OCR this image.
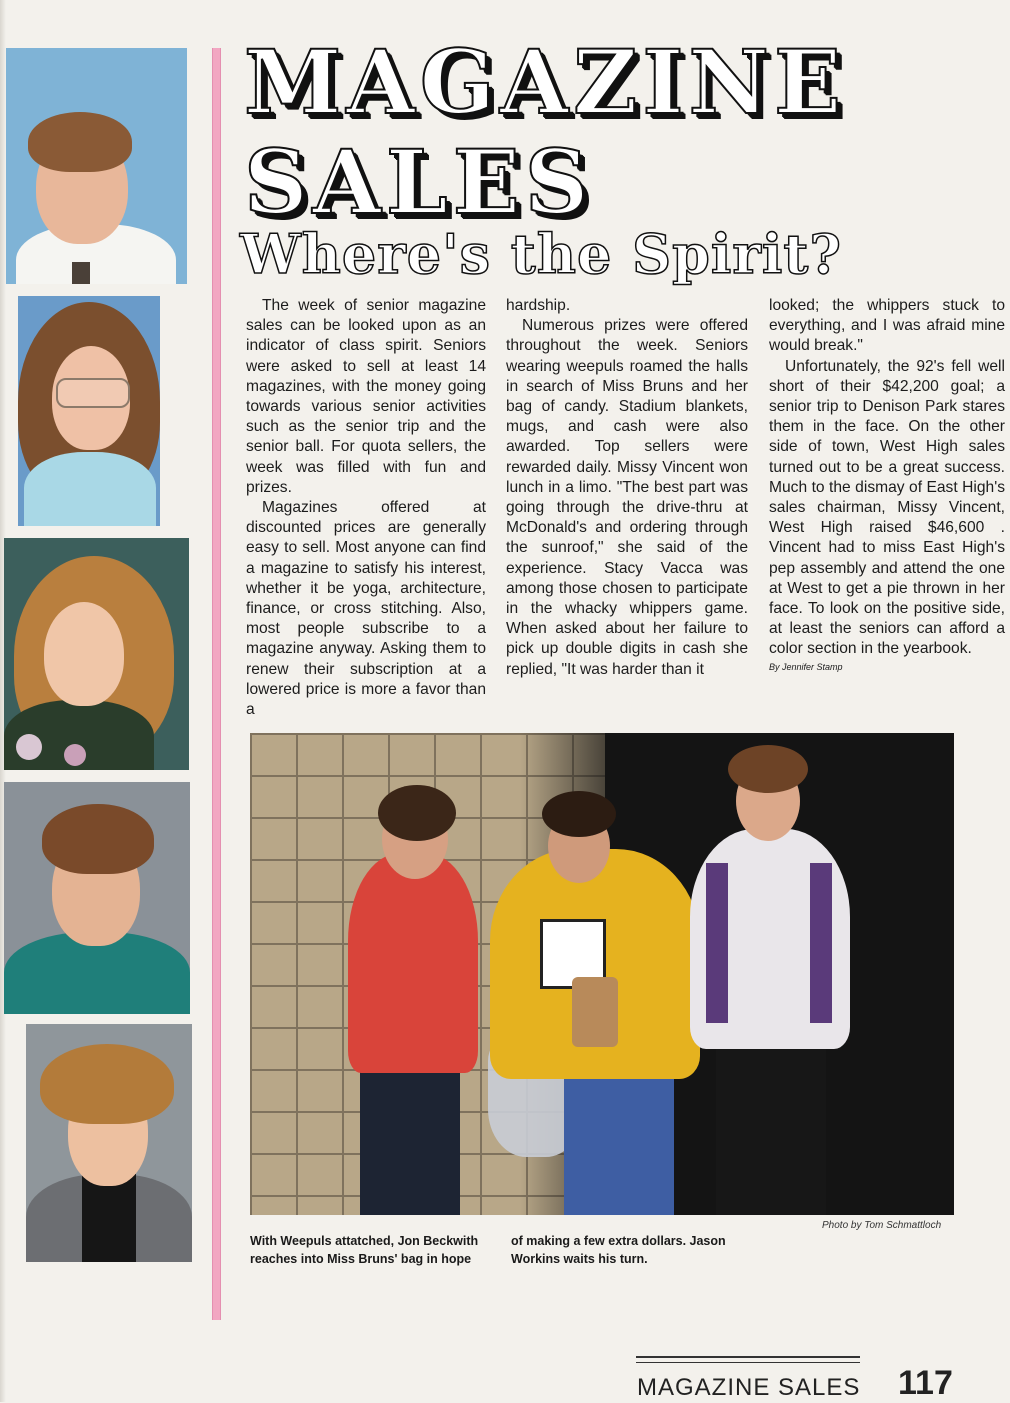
MAGAZINE
SALES
Where's the Spirit?

The week of senior magazine sales can be looked upon as an indicator of class spirit. Seniors were asked to sell at least 14 magazines, with the money going towards various senior activities such as the senior trip and the senior ball. For quota sellers, the week was filled with fun and prizes.

Magazines offered at discounted prices are generally easy to sell. Most anyone can find a magazine to satisfy his interest, whether it be yoga, architecture, finance, or cross stitching. Also, most people subscribe to a magazine anyway. Asking them to renew their subscription at a lowered price is more a favor than a

hardship.

Numerous prizes were offered throughout the week. Seniors wearing weepuls roamed the halls in search of Miss Bruns and her bag of candy. Stadium blankets, mugs, and cash were also awarded. Top sellers were rewarded daily. Missy Vincent won lunch in a limo. "The best part was going through the drive-thru at McDonald's and ordering through the sunroof," she said of the experience. Stacy Vacca was among those chosen to participate in the whacky whippers game. When asked about her failure to pick up double digits in cash she replied, "It was harder than it

looked; the whippers stuck to everything, and I was afraid mine would break."

Unfortunately, the 92's fell well short of their $42,200 goal; a senior trip to Denison Park stares them in the face. On the other side of town, West High sales turned out to be a great success. Much to the dismay of East High's sales chairman, Missy Vincent, West High raised $46,600 . Vincent had to miss East High's pep assembly and attend the one at West to get a pie thrown in her face. To look on the positive side, at least the seniors can afford a color section in the yearbook.

By Jennifer Stamp
Photo by Tom Schmattloch
With Weepuls attatched, Jon Beckwith reaches into Miss Bruns' bag in hope
of making a few extra dollars. Jason Workins waits his turn.

MAGAZINE SALES 117
